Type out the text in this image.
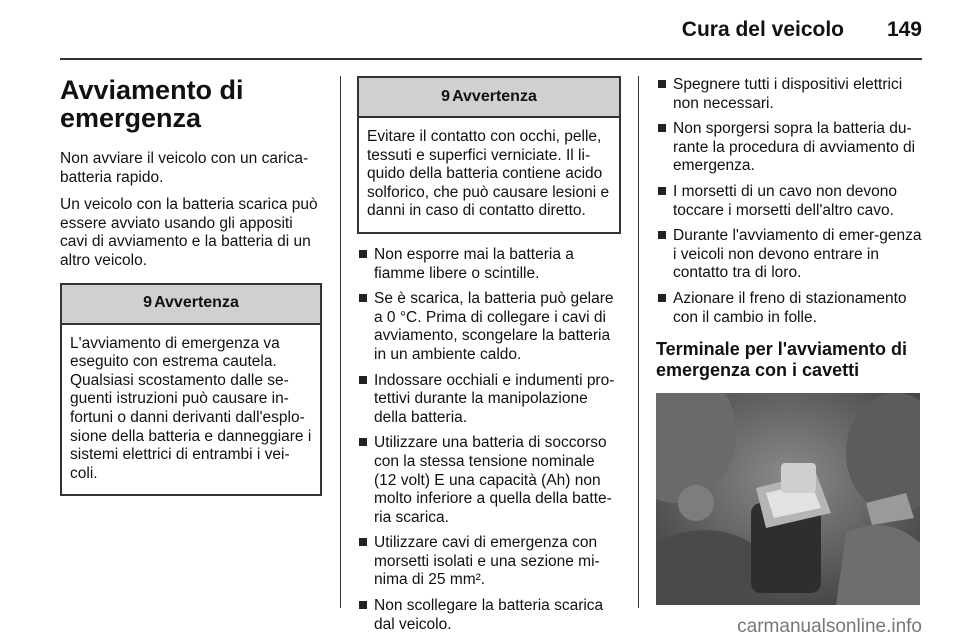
Cura del veicolo 149
Avviamento di emergenza
Non avviare il veicolo con un carica-batteria rapido.
Un veicolo con la batteria scarica può essere avviato usando gli appositi cavi di avviamento e la batteria di un altro veicolo.
9 Avvertenza
L'avviamento di emergenza va eseguito con estrema cautela. Qualsiasi scostamento dalle se-guenti istruzioni può causare in-fortuni o danni derivanti dall'esplo-sione della batteria e danneggiare i sistemi elettrici di entrambi i vei-coli.
9 Avvertenza
Evitare il contatto con occhi, pelle, tessuti e superfici verniciate. Il li-quido della batteria contiene acido solforico, che può causare lesioni e danni in caso di contatto diretto.
Non esporre mai la batteria a fiamme libere o scintille.
Se è scarica, la batteria può gelare a 0 °C. Prima di collegare i cavi di avviamento, scongelare la batteria in un ambiente caldo.
Indossare occhiali e indumenti pro-tettivi durante la manipolazione della batteria.
Utilizzare una batteria di soccorso con la stessa tensione nominale (12 volt) E una capacità (Ah) non molto inferiore a quella della batte-ria scarica.
Utilizzare cavi di emergenza con morsetti isolati e una sezione mi-nima di 25 mm².
Non scollegare la batteria scarica dal veicolo.
Spegnere tutti i dispositivi elettrici non necessari.
Non sporgersi sopra la batteria du-rante la procedura di avviamento di emergenza.
I morsetti di un cavo non devono toccare i morsetti dell'altro cavo.
Durante l'avviamento di emer-genza i veicoli non devono entrare in contatto tra di loro.
Azionare il freno di stazionamento con il cambio in folle.
Terminale per l'avviamento di emergenza con i cavetti
carmanualsonline.info
